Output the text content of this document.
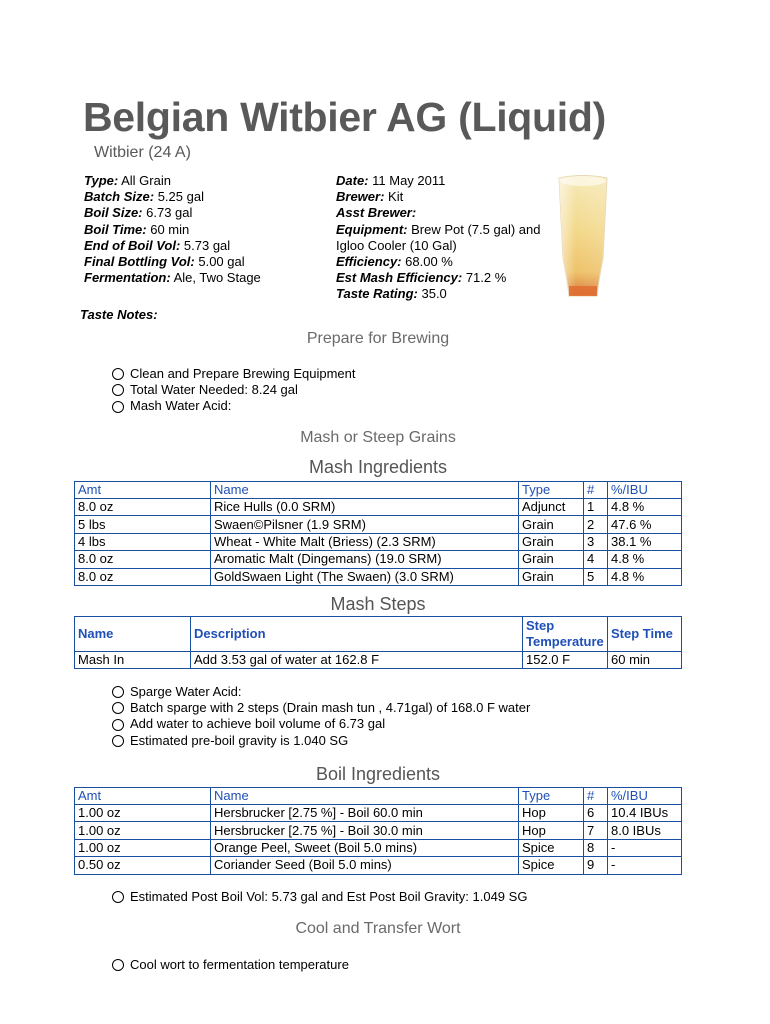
Belgian Witbier AG (Liquid)
Witbier (24 A)
Type: All Grain
Batch Size: 5.25 gal
Boil Size: 6.73 gal
Boil Time: 60 min
End of Boil Vol: 5.73 gal
Final Bottling Vol: 5.00 gal
Fermentation: Ale, Two Stage
Date: 11 May 2011
Brewer: Kit
Asst Brewer:
Equipment: Brew Pot (7.5 gal) and
Igloo Cooler (10 Gal)
Efficiency: 68.00 %
Est Mash Efficiency: 71.2 %
Taste Rating: 35.0
Taste Notes:
Prepare for Brewing
Clean and Prepare Brewing Equipment
Total Water Needed: 8.24 gal
Mash Water Acid:
Mash or Steep Grains
Mash Ingredients
Amt	Name	Type	#	%/IBU
8.0 oz	Rice Hulls (0.0 SRM)	Adjunct	1	4.8 %
5 lbs	Swaen©Pilsner (1.9 SRM)	Grain	2	47.6 %
4 lbs	Wheat - White Malt (Briess) (2.3 SRM)	Grain	3	38.1 %
8.0 oz	Aromatic Malt (Dingemans) (19.0 SRM)	Grain	4	4.8 %
8.0 oz	GoldSwaen Light (The Swaen) (3.0 SRM)	Grain	5	4.8 %
Mash Steps
Name	Description	Step Temperature	Step Time
Mash In	Add 3.53 gal of water at 162.8 F	152.0 F	60 min
Sparge Water Acid:
Batch sparge with 2 steps (Drain mash tun , 4.71gal) of 168.0 F water
Add water to achieve boil volume of 6.73 gal
Estimated pre-boil gravity is 1.040 SG
Boil Ingredients
Amt	Name	Type	#	%/IBU
1.00 oz	Hersbrucker [2.75 %] - Boil 60.0 min	Hop	6	10.4 IBUs
1.00 oz	Hersbrucker [2.75 %] - Boil 30.0 min	Hop	7	8.0 IBUs
1.00 oz	Orange Peel, Sweet (Boil 5.0 mins)	Spice	8	-
0.50 oz	Coriander Seed (Boil 5.0 mins)	Spice	9	-
Estimated Post Boil Vol: 5.73 gal and Est Post Boil Gravity: 1.049 SG
Cool and Transfer Wort
Cool wort to fermentation temperature
